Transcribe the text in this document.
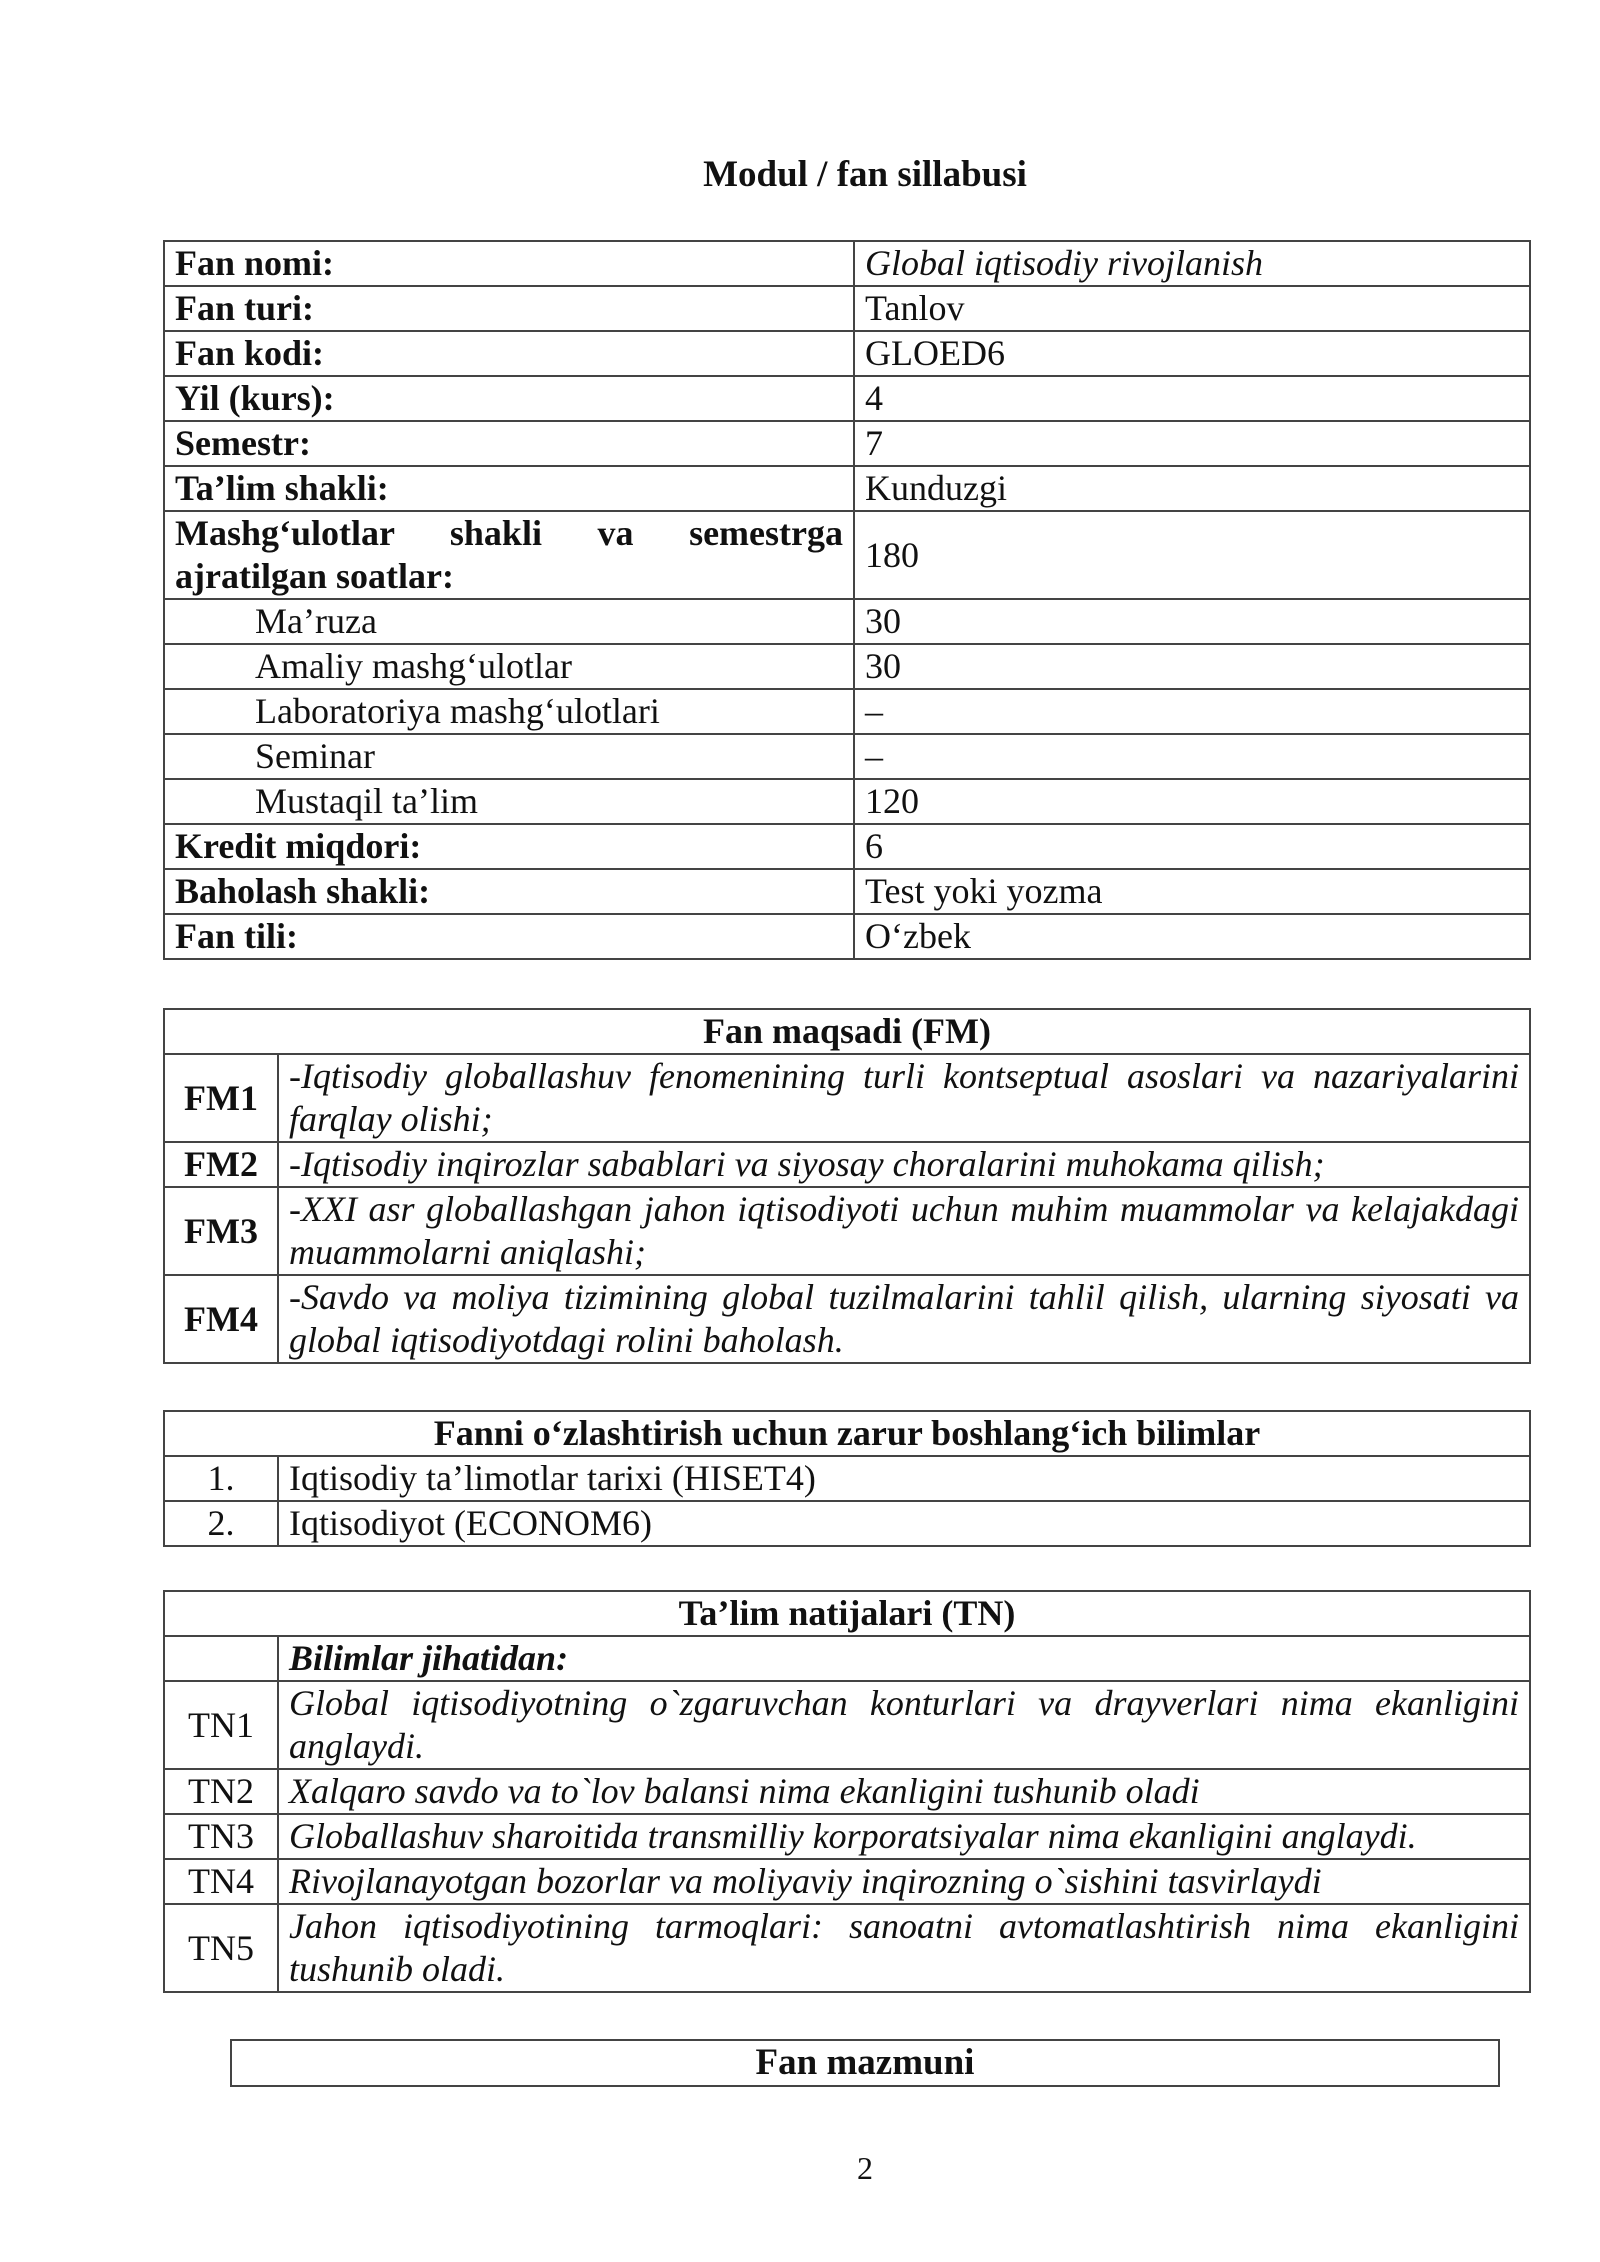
Modul / fan sillabusi
Fan nomi:	Global iqtisodiy rivojlanish
Fan turi:	Tanlov
Fan kodi:	GLOED6
Yil (kurs):	4
Semestr:	7
Ta’lim shakli:	Kunduzgi

Mashg‘ulotlar shakli va semestrga
ajratilgan soatlar:	180
Ma’ruza	30
Amaliy mashg‘ulotlar	30
Laboratoriya mashg‘ulotlari	–
Seminar	–
Mustaqil ta’lim	120
Kredit miqdori:	6
Baholash shakli:	Test yoki yozma
Fan tili:	O‘zbek
Fan maqsadi (FM)	
FM1	-Iqtisodiy globallashuv fenomenining turli kontseptual asoslari va nazariyalarini farqlay olishi;
FM2	-Iqtisodiy inqirozlar sabablari va siyosay choralarini muhokama qilish;
FM3	-XXI asr globallashgan jahon iqtisodiyoti uchun muhim muammolar va kelajakdagi muammolarni aniqlashi;
FM4	-Savdo va moliya tizimining global tuzilmalarini tahlil qilish, ularning siyosati va global iqtisodiyotdagi rolini baholash.
Fanni o‘zlashtirish uchun zarur boshlang‘ich bilimlar	
1.	Iqtisodiy ta’limotlar tarixi (HISET4)
2.	Iqtisodiyot (ECONOM6)
Ta’lim natijalari (TN)	
	Bilimlar jihatidan:
TN1	Global iqtisodiyotning o`zgaruvchan konturlari va drayverlari nima ekanligini anglaydi.
TN2	Xalqaro savdo va to`lov balansi nima ekanligini tushunib oladi
TN3	Globallashuv sharoitida transmilliy korporatsiyalar nima ekanligini anglaydi.
TN4	Rivojlanayotgan bozorlar va moliyaviy inqirozning o`sishini tasvirlaydi
TN5	Jahon iqtisodiyotining tarmoqlari: sanoatni avtomatlashtirish nima ekanligini tushunib oladi.
Fan mazmuni
2
